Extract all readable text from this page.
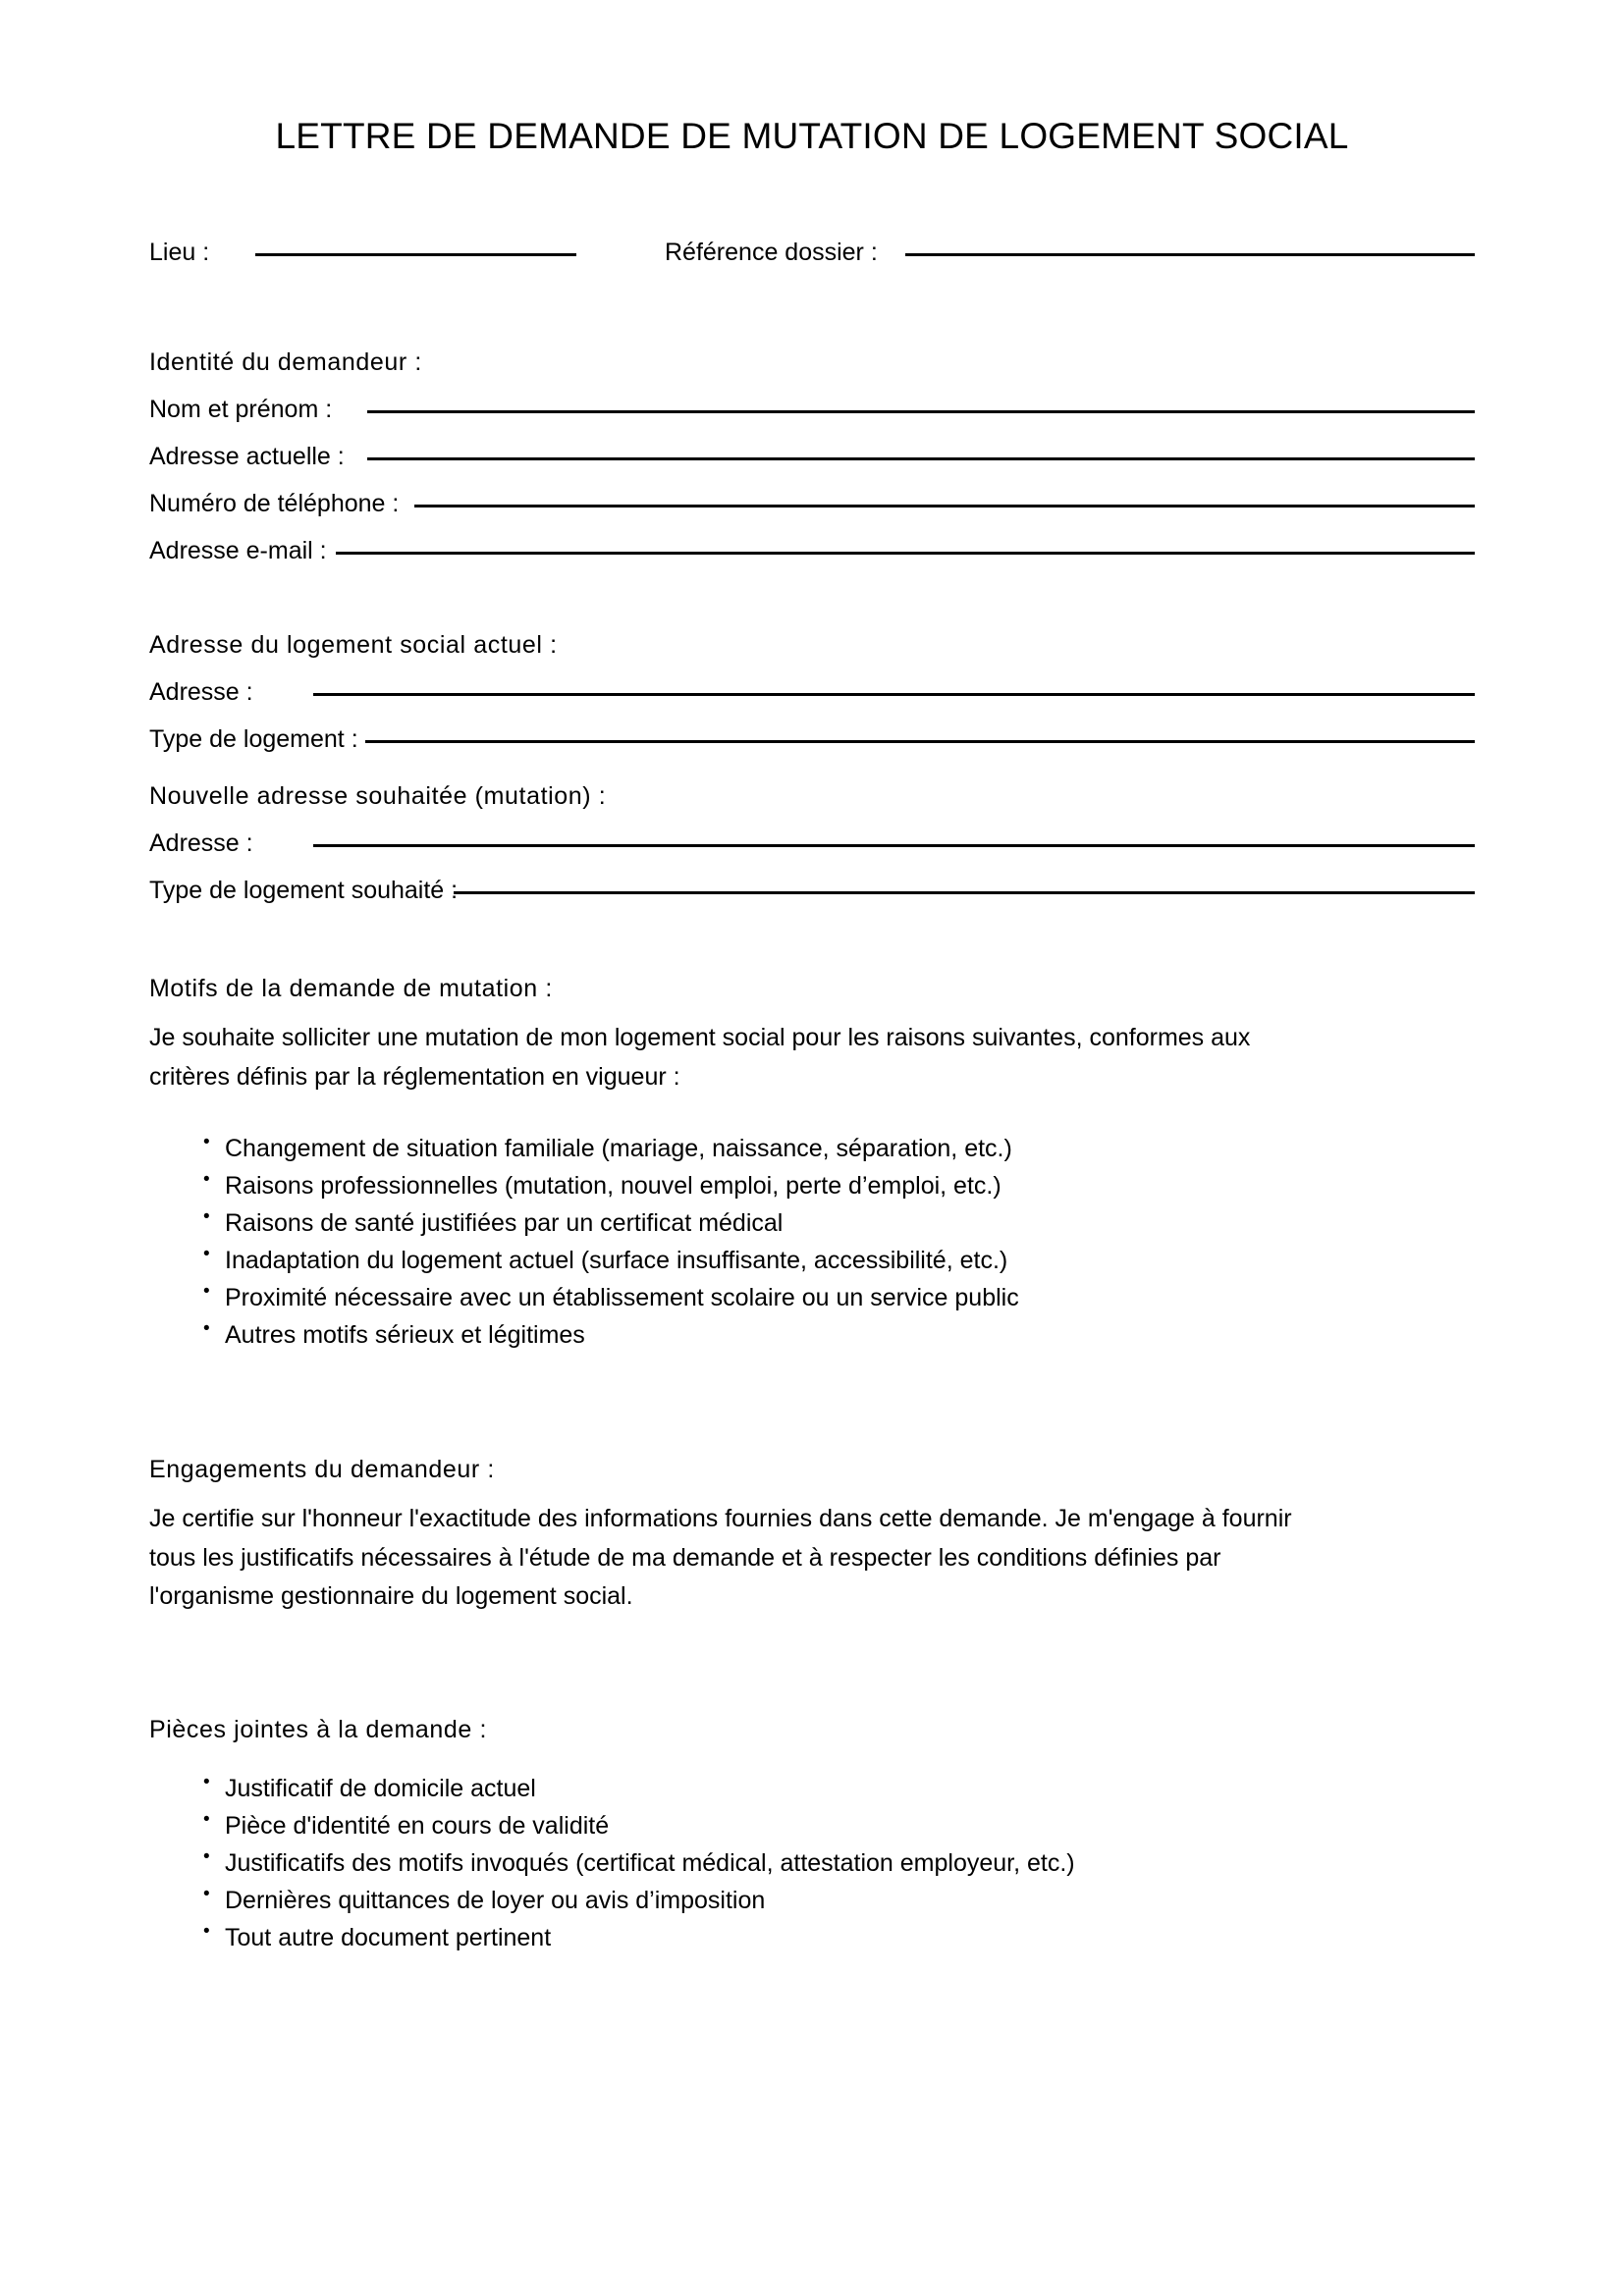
LETTRE DE DEMANDE DE MUTATION DE LOGEMENT SOCIAL
Lieu :	Référence dossier :
Identité du demandeur :
Nom et prénom :
Adresse actuelle :
Numéro de téléphone :
Adresse e-mail :
Adresse du logement social actuel :
Adresse :
Type de logement :
Nouvelle adresse souhaitée (mutation) :
Adresse :
Type de logement souhaité :
Motifs de la demande de mutation :
Je souhaite solliciter une mutation de mon logement social pour les raisons suivantes, conformes aux
critères définis par la réglementation en vigueur :
• Changement de situation familiale (mariage, naissance, séparation, etc.)
• Raisons professionnelles (mutation, nouvel emploi, perte d’emploi, etc.)
• Raisons de santé justifiées par un certificat médical
• Inadaptation du logement actuel (surface insuffisante, accessibilité, etc.)
• Proximité nécessaire avec un établissement scolaire ou un service public
• Autres motifs sérieux et légitimes
Engagements du demandeur :
Je certifie sur l'honneur l'exactitude des informations fournies dans cette demande. Je m'engage à fournir
tous les justificatifs nécessaires à l'étude de ma demande et à respecter les conditions définies par
l'organisme gestionnaire du logement social.
Pièces jointes à la demande :
• Justificatif de domicile actuel
• Pièce d'identité en cours de validité
• Justificatifs des motifs invoqués (certificat médical, attestation employeur, etc.)
• Dernières quittances de loyer ou avis d’imposition
• Tout autre document pertinent
